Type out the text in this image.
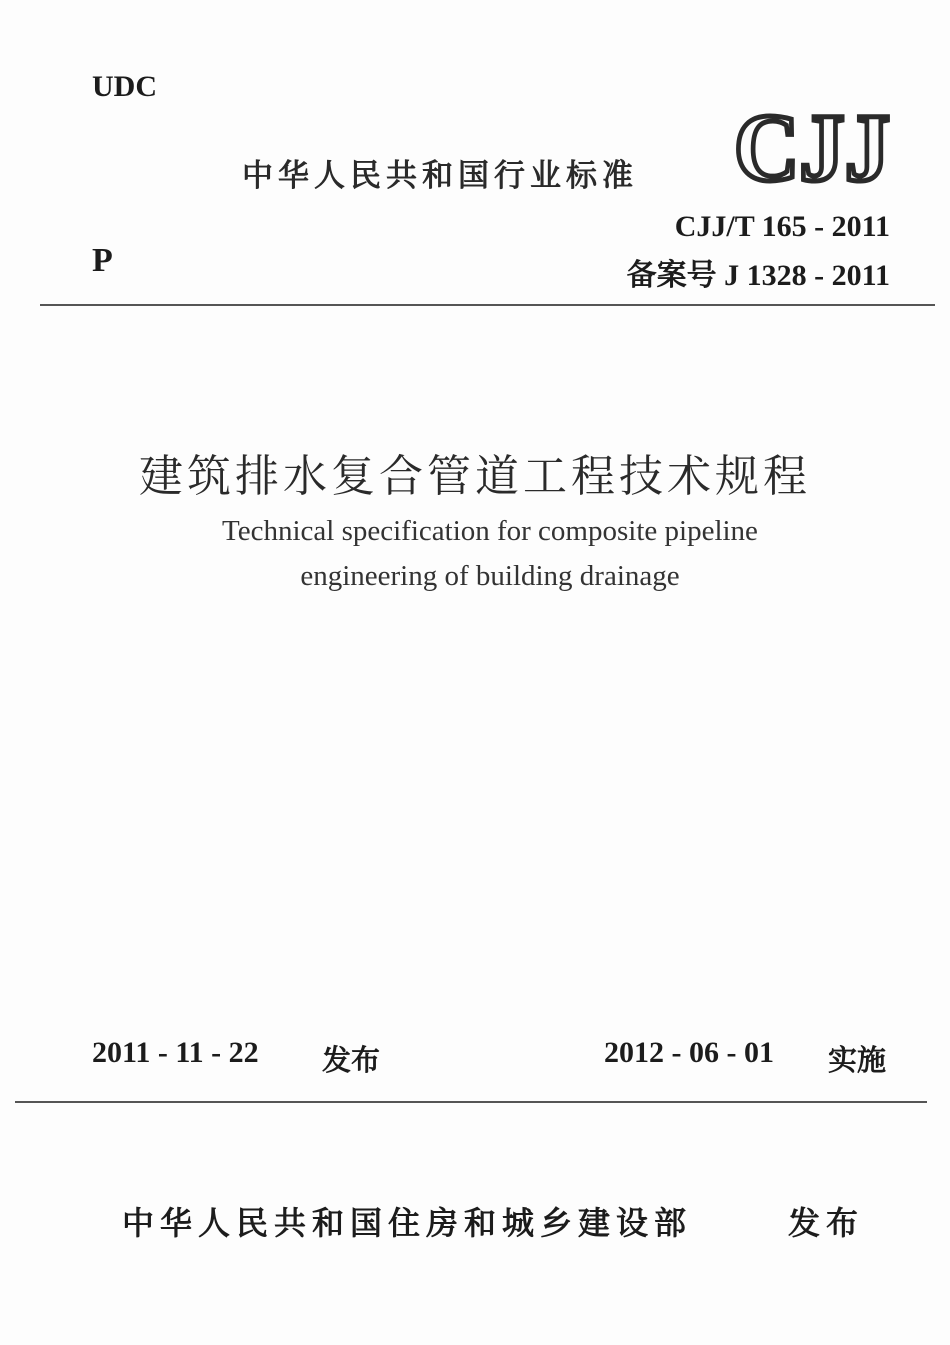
UDC
中华人民共和国行业标准 CJJ
CJJ/T 165 - 2011
P	备案号 J 1328 - 2011
建筑排水复合管道工程技术规程
Technical specification for composite pipeline
engineering of building drainage
2011 - 11 - 22 发布	2012 - 06 - 01 实施
中华人民共和国住房和城乡建设部	发布
